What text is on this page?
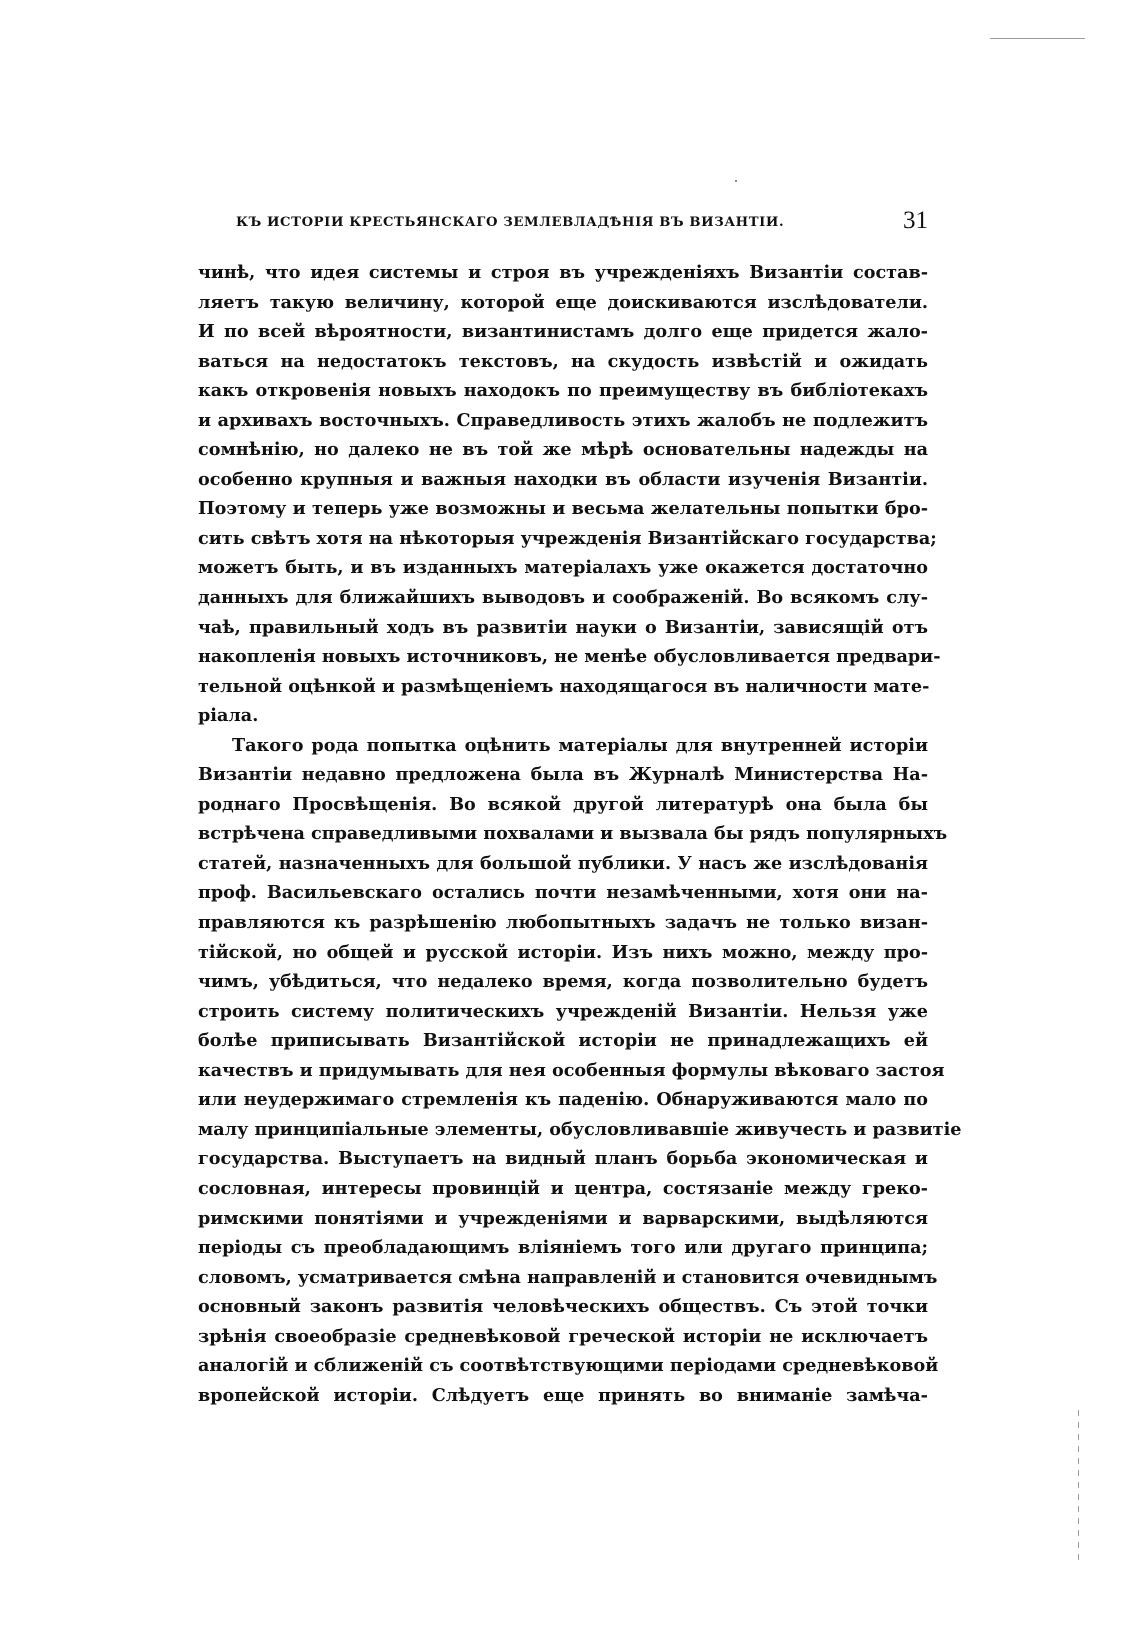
КЪ ИСТОРІИ КРЕСТЬЯНСКАГО ЗЕМЛЕВЛАДѢНІЯ ВЪ ВИЗАНТІИ.	31
чинѣ, что идея системы и строя въ учрежденіяхъ Византіи состав-
ляетъ такую величину, которой еще доискиваются изслѣдователи.
И по всей вѣроятности, византинистамъ долго еще придется жало-
ваться на недостатокъ текстовъ, на скудость извѣстій и ожидать
какъ откровенія новыхъ находокъ по преимуществу въ библіотекахъ
и архивахъ восточныхъ. Справедливость этихъ жалобъ не подлежитъ
сомнѣнію, но далеко не въ той же мѣрѣ основательны надежды на
особенно крупныя и важныя находки въ области изученія Византіи.
Поэтому и теперь уже возможны и весьма желательны попытки бро-
сить свѣтъ хотя на нѣкоторыя учрежденія Византійскаго государства;
можетъ быть, и въ изданныхъ матеріалахъ уже окажется достаточно
данныхъ для ближайшихъ выводовъ и соображеній. Во всякомъ слу-
чаѣ, правильный ходъ въ развитіи науки о Византіи, зависящій отъ
накопленія новыхъ источниковъ, не менѣе обусловливается предвари-
тельной оцѣнкой и размѣщеніемъ находящагося въ наличности мате-
ріала.
Такого рода попытка оцѣнить матеріалы для внутренней исторіи
Византіи недавно предложена была въ Журналѣ Министерства На-
роднаго Просвѣщенія. Во всякой другой литературѣ она была бы
встрѣчена справедливыми похвалами и вызвала бы рядъ популярныхъ
статей, назначенныхъ для большой публики. У насъ же изслѣдованія
проф. Васильевскаго остались почти незамѣченными, хотя они на-
правляются къ разрѣшенію любопытныхъ задачъ не только визан-
тійской, но общей и русской исторіи. Изъ нихъ можно, между про-
чимъ, убѣдиться, что недалеко время, когда позволительно будетъ
строить систему политическихъ учрежденій Византіи. Нельзя уже
болѣе приписывать Византійской исторіи не принадлежащихъ ей
качествъ и придумывать для нея особенныя формулы вѣковаго застоя
или неудержимаго стремленія къ паденію. Обнаруживаются мало по
малу принципіальные элементы, обусловливавшіе живучесть и развитіе
государства. Выступаетъ на видный планъ борьба экономическая и
сословная, интересы провинцій и центра, состязаніе между греко-
римскими понятіями и учрежденіями и варварскими, выдѣляются
періоды съ преобладающимъ вліяніемъ того или другаго принципа;
словомъ, усматривается смѣна направленій и становится очевиднымъ
основный законъ развитія человѣческихъ обществъ. Съ этой точки
зрѣнія своеобразіе средневѣковой греческой исторіи не исключаетъ
аналогій и сближеній съ соотвѣтствующими періодами средневѣковой
вропейской исторіи. Слѣдуетъ еще принять во вниманіе замѣча-
